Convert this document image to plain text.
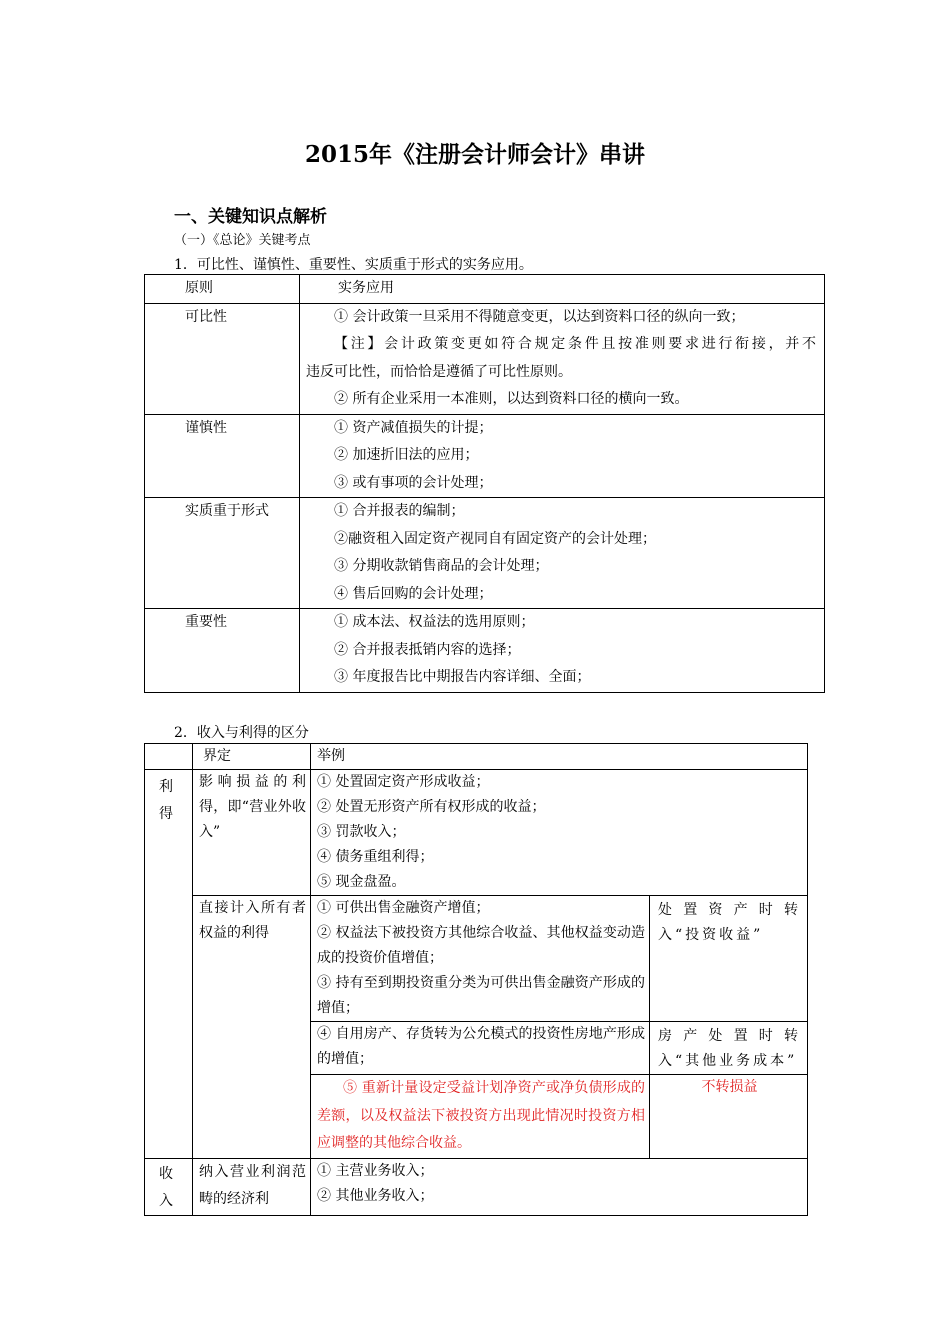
2015年《注册会计师会计》串讲
一、关键知识点解析
（一）《总论》关键考点
1．可比性、谨慎性、重要性、实质重于形式的实务应用。
原则	实务应用
可比性	① 会计政策一旦采用不得随意变更，以达到资料口径的纵向一致；
【注】会计政策变更如符合规定条件且按准则要求进行衔接，并不
违反可比性，而恰恰是遵循了可比性原则。
② 所有企业采用一本准则，以达到资料口径的横向一致。

谨慎性	① 资产减值损失的计提；
② 加速折旧法的应用；
③ 或有事项的会计处理；

实质重于形式	① 合并报表的编制；
②融资租入固定资产视同自有固定资产的会计处理；
③ 分期收款销售商品的会计处理；
④ 售后回购的会计处理；

重要性	① 成本法、权益法的选用原则；
② 合并报表抵销内容的选择；
③ 年度报告比中期报告内容详细、全面；
2．收入与利得的区分
	界定	举例	
利得	影响损益的利得，即“营业外收入”	① 处置固定资产形成收益；
② 处置无形资产所有权形成的收益；
③ 罚款收入；
④ 债务重组利得；
⑤ 现金盘盈。	

	直接计入所有者权益的利得	① 可供出售金融资产增值；
② 权益法下被投资方其他综合收益、其他权益变动造成的投资价值增值；
③ 持有至到期投资重分类为可供出售金融资产形成的增值；	处置资产时转入“投资收益”
		④ 自用房产、存货转为公允模式的投资性房地产形成的增值；	房产处置时转入“其他业务成本”
		⑤ 重新计量设定受益计划净资产或净负债形成的差额，以及权益法下被投资方出现此情况时投资方相应调整的其他综合收益。	不转损益
收入	纳入营业利润范畴的经济利	① 主营业务收入；
② 其他业务收入；	
